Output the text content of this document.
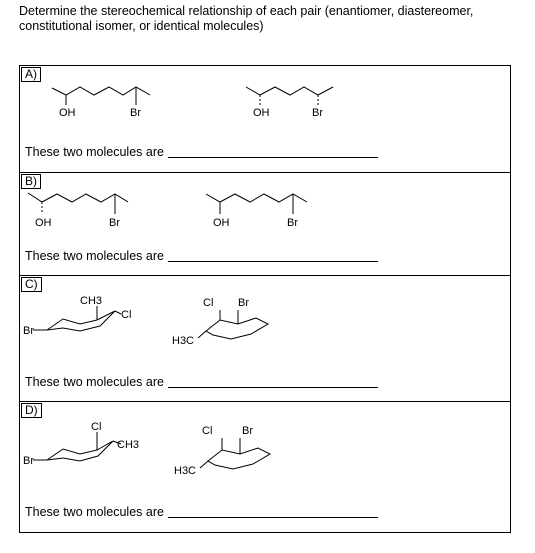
Determine the stereochemical relationship of each pair (enantiomer, diastereomer, constitutional isomer, or identical molecules)
A)
OH	Br	OH	Br
These two molecules are
B)
OH	Br	OH	Br
These two molecules are
C)
CH3
Cl
Br
Cl Br
H3C
These two molecules are
D)
Cl
CH3
Br
Cl	Br
H3C
These two molecules are
